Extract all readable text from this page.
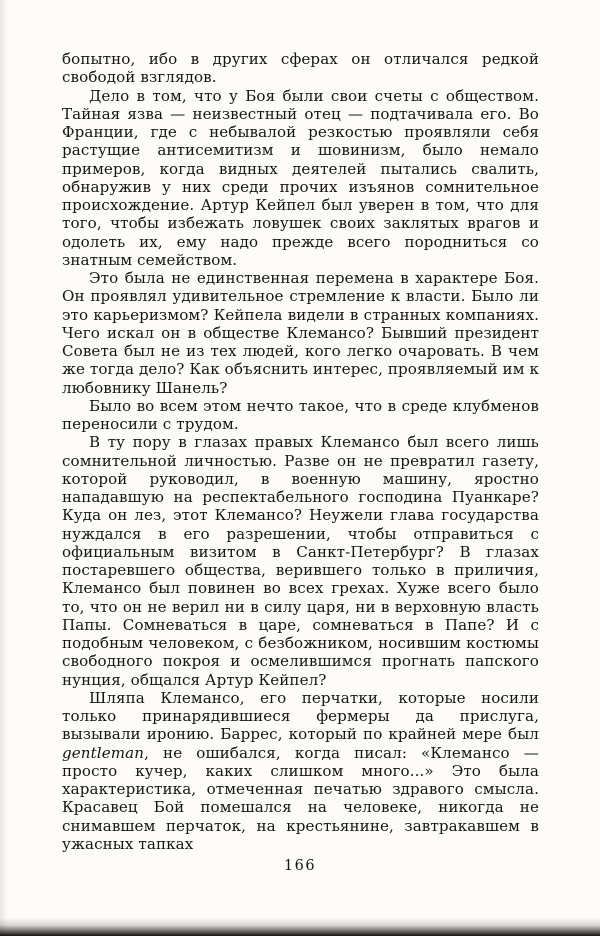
бопытно, ибо в других сферах он отличался редкой свободой взглядов.

Дело в том, что у Боя были свои счеты с обществом. Тайная язва — неизвестный отец — подтачивала его. Во Франции, где с небывалой резкостью проявляли себя растущие антисемитизм и шовинизм, было немало примеров, когда видных деятелей пытались свалить, обнаружив у них среди прочих изъянов сомнительное происхождение. Артур Кейпел был уверен в том, что для того, чтобы избежать ловушек своих заклятых врагов и одолеть их, ему надо прежде всего породниться со знатным семейством.

Это была не единственная перемена в характере Боя. Он проявлял удивительное стремление к власти. Было ли это карьеризмом? Кейпела видели в странных компаниях. Чего искал он в обществе Клемансо? Бывший президент Совета был не из тех людей, кого легко очаровать. В чем же тогда дело? Как объяснить интерес, проявляемый им к любовнику Шанель?

Было во всем этом нечто такое, что в среде клубменов переносили с трудом.

В ту пору в глазах правых Клемансо был всего лишь сомнительной личностью. Разве он не превратил газету, которой руководил, в военную машину, яростно нападавшую на респектабельного господина Пуанкаре? Куда он лез, этот Клемансо? Неужели глава государства нуждался в его разрешении, чтобы отправиться с официальным визитом в Санкт-Петербург? В глазах постаревшего общества, верившего только в приличия, Клемансо был повинен во всех грехах. Хуже всего было то, что он не верил ни в силу царя, ни в верховную власть Папы. Сомневаться в царе, сомневаться в Папе? И с подобным человеком, с безбожником, носившим костюмы свободного покроя и осмелившимся прогнать папского нунция, общался Артур Кейпел?

Шляпа Клемансо, его перчатки, которые носили только принарядившиеся фермеры да прислуга, вызывали иронию. Баррес, который по крайней мере был gentleman, не ошибался, когда писал: «Клемансо — просто кучер, каких слишком много...» Это была характеристика, отмеченная печатью здравого смысла. Красавец Бой помешался на человеке, никогда не снимавшем перчаток, на крестьянине, завтракавшем в ужасных тапках

166
